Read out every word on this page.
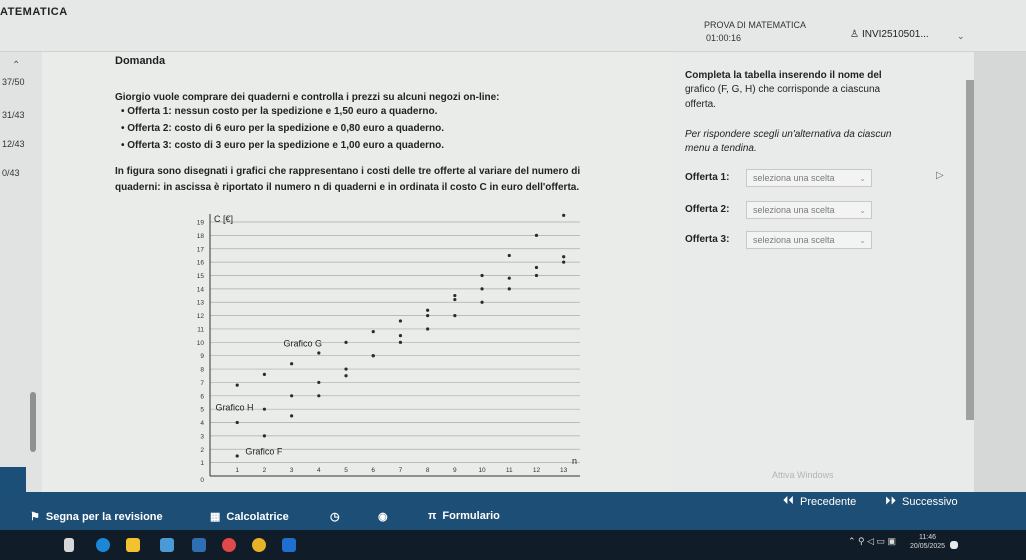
ATEMATICA
PROVA DI MATEMATICA
01:00:16	♙ INVI2510501...	⌄
⌃
37/50
31/43
12/43
0/43
Domanda
Giorgio vuole comprare dei quaderni e controlla i prezzi su alcuni negozi on-line:
• Offerta 1: nessun costo per la spedizione e 1,50 euro a quaderno.
• Offerta 2: costo di 6 euro per la spedizione e 0,80 euro a quaderno.
• Offerta 3: costo di 3 euro per la spedizione e 1,00 euro a quaderno.
In figura sono disegnati i grafici che rappresentano i costi delle tre offerte al variare del numero di
quaderni: in ascissa è riportato il numero n di quaderni e in ordinata il costo C in euro dell'offerta.
1
2
3
4
5
6
7
8
9
10
11
12
13
14
15
16
17
18
19
1	2	3	4	5	6	7	8	9	10	11	12	13
0
C [€]
n
Grafico F
Grafico G
Grafico H
Completa la tabella inserendo il nome del
grafico (F, G, H) che corrisponde a ciascuna
offerta.
Per rispondere scegli un'alternativa da ciascun
menu a tendina.
Offerta 1:	seleziona una scelta	⌄
Offerta 2:	seleziona una scelta	⌄
Offerta 3:	seleziona una scelta	⌄
Attiva Windows
▷
⏴⏴ Precedente	⏵⏵ Successivo
⚑ Segna per la revisione	▦ Calcolatrice	◷	◉	π Formulario
⌃ ⚲ ◁ ▭ ▣	11:46
20/05/2025
